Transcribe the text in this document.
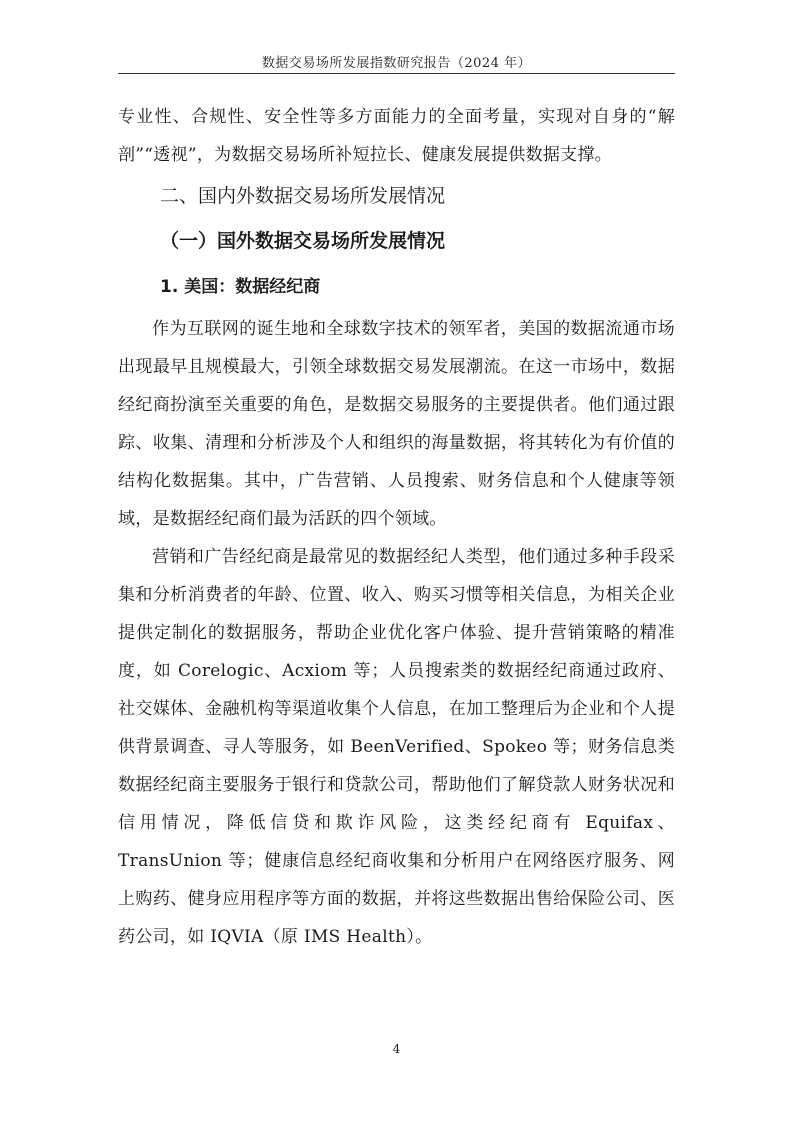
数据交易场所发展指数研究报告（2024 年）

专业性、合规性、安全性等多方面能力的全面考量，实现对自身的“解剖”“透视”，为数据交易场所补短拉长、健康发展提供数据支撑。

二、国内外数据交易场所发展情况
（一）国外数据交易场所发展情况
1. 美国：数据经纪商

作为互联网的诞生地和全球数字技术的领军者，美国的数据流通市场出现最早且规模最大，引领全球数据交易发展潮流。在这一市场中，数据经纪商扮演至关重要的角色，是数据交易服务的主要提供者。他们通过跟踪、收集、清理和分析涉及个人和组织的海量数据，将其转化为有价值的结构化数据集。其中，广告营销、人员搜索、财务信息和个人健康等领域，是数据经纪商们最为活跃的四个领域。

营销和广告经纪商是最常见的数据经纪人类型，他们通过多种手段采集和分析消费者的年龄、位置、收入、购买习惯等相关信息，为相关企业提供定制化的数据服务，帮助企业优化客户体验、提升营销策略的精准度，如 Corelogic、Acxiom 等；人员搜索类的数据经纪商通过政府、社交媒体、金融机构等渠道收集个人信息，在加工整理后为企业和个人提供背景调查、寻人等服务，如 BeenVerified、Spokeo 等；财务信息类数据经纪商主要服务于银行和贷款公司，帮助他们了解贷款人财务状况和信用情况，降低信贷和欺诈风险，这类经纪商有 Equifax、TransUnion 等；健康信息经纪商收集和分析用户在网络医疗服务、网上购药、健身应用程序等方面的数据，并将这些数据出售给保险公司、医药公司，如 IQVIA（原 IMS Health）。

4
